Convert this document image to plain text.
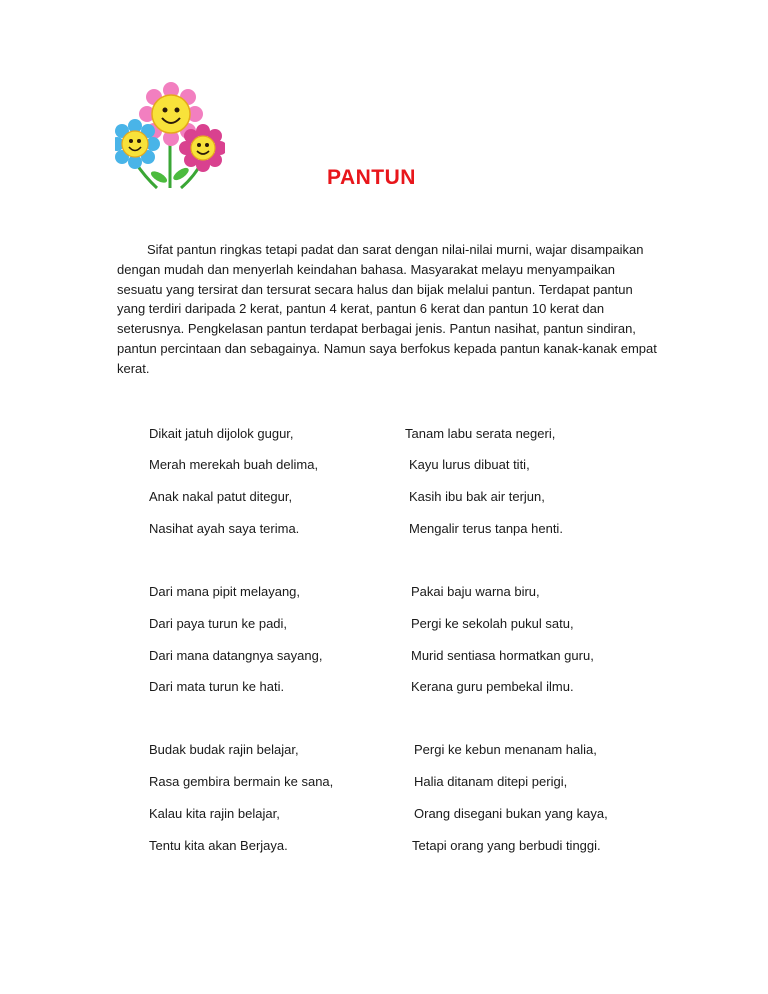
PANTUN

Sifat pantun ringkas tetapi padat dan sarat dengan nilai-nilai murni, wajar disampaikan dengan mudah dan menyerlah keindahan bahasa. Masyarakat melayu menyampaikan sesuatu yang tersirat dan tersurat secara halus dan bijak melalui pantun. Terdapat pantun yang terdiri daripada 2 kerat, pantun 4 kerat, pantun 6 kerat dan pantun 10 kerat dan seterusnya. Pengkelasan pantun terdapat berbagai jenis. Pantun nasihat, pantun sindiran, pantun percintaan dan sebagainya. Namun saya berfokus kepada pantun kanak-kanak empat kerat.

Dikait jatuh dijolok gugur,
Merah merekah buah delima,
Anak nakal patut ditegur,
Nasihat ayah saya terima.
Tanam labu serata negeri,
Kayu lurus dibuat titi,
Kasih ibu bak air terjun,
Mengalir terus tanpa henti.
Dari mana pipit melayang,
Dari paya turun ke padi,
Dari mana datangnya sayang,
Dari mata turun ke hati.
Pakai baju warna biru,
Pergi ke sekolah pukul satu,
Murid sentiasa hormatkan guru,
Kerana guru pembekal ilmu.
Budak budak rajin belajar,
Rasa gembira bermain ke sana,
Kalau kita rajin belajar,
Tentu kita akan Berjaya.
Pergi ke kebun menanam halia,
Halia ditanam ditepi perigi,
Orang disegani bukan yang kaya,
Tetapi orang yang berbudi tinggi.
